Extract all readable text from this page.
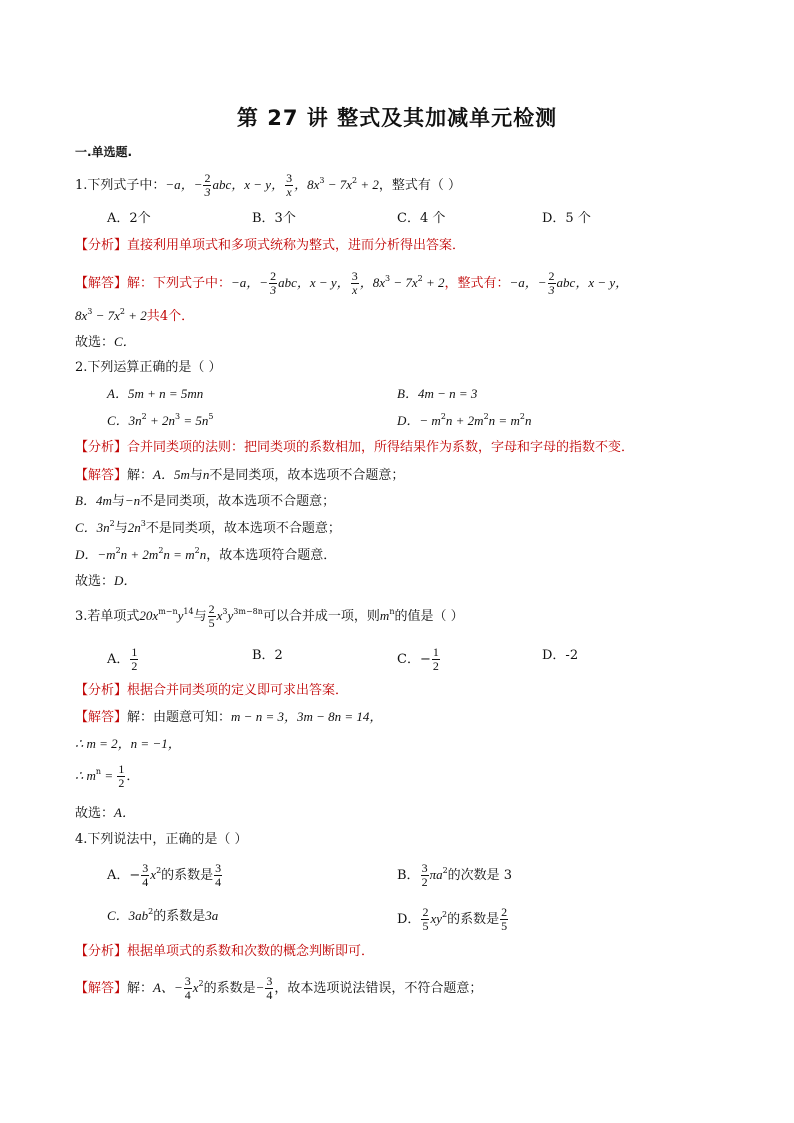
第 27 讲 整式及其加减单元检测
一.单选题.
1.下列式子中：−a，− $\frac{2}{3}$ abc，x − y， $\frac{3}{x}$ ，$8x^3 - 7x^2 + 2$，整式有（ ）
A．2个	B．3个	C．4 个	D．5 个
【分析】直接利用单项式和多项式统称为整式，进而分析得出答案．
【解答】解：下列式子中：−a，− $\frac{2}{3}$ abc，x − y， $\frac{3}{x}$ ，$8x^3 - 7x^2 + 2$，整式有：−a，− $\frac{2}{3}$ abc，x − y，
$8x^3 - 7x^2 + 2$共4个．
故选：C．
2.下列运算正确的是（ ）
A．5m + n = 5mn	B．4m − n = 3
C．$3n^2 + 2n^3 = 5n^5$	D．− $m^2n + 2m^2n = m^2n$
【分析】合并同类项的法则：把同类项的系数相加，所得结果作为系数，字母和字母的指数不变．
【解答】解：A．5m与n不是同类项，故本选项不合题意；
B．4m与−n不是同类项，故本选项不合题意；
C．$3n^2$与$2n^3$不是同类项，故本选项不合题意；
D．$-m^2n + 2m^2n = m^2n$，故本选项符合题意．
故选：D．
3.若单项式$20x^{m-n}y^{14}$与 $\frac{2}{5} x^3y^{3m-8n}$可以合并成一项，则$m^n$的值是（ ）
A． $\frac{1}{2}$	B．2	C．− $\frac{1}{2}$	D．-2
【分析】根据合并同类项的定义即可求出答案．
【解答】解：由题意可知：m − n = 3，3m − 8n = 14，
∴ m = 2，n = −1，
∴ $m^n = \frac{1}{2}$ ．
故选：A．
4.下列说法中，正确的是（ ）
A．− $\frac{3}{4} x^2$的系数是 $\frac{3}{4}$	B． $\frac{3}{2} \pi a^2$的次数是 3
C．$3ab^2$的系数是3a	D． $\frac{2}{5} xy^2$的系数是 $\frac{2}{5}$
【分析】根据单项式的系数和次数的概念判断即可．
【解答】解：A、− $\frac{3}{4} x^2$的系数是− $\frac{3}{4}$ ，故本选项说法错误，不符合题意；
